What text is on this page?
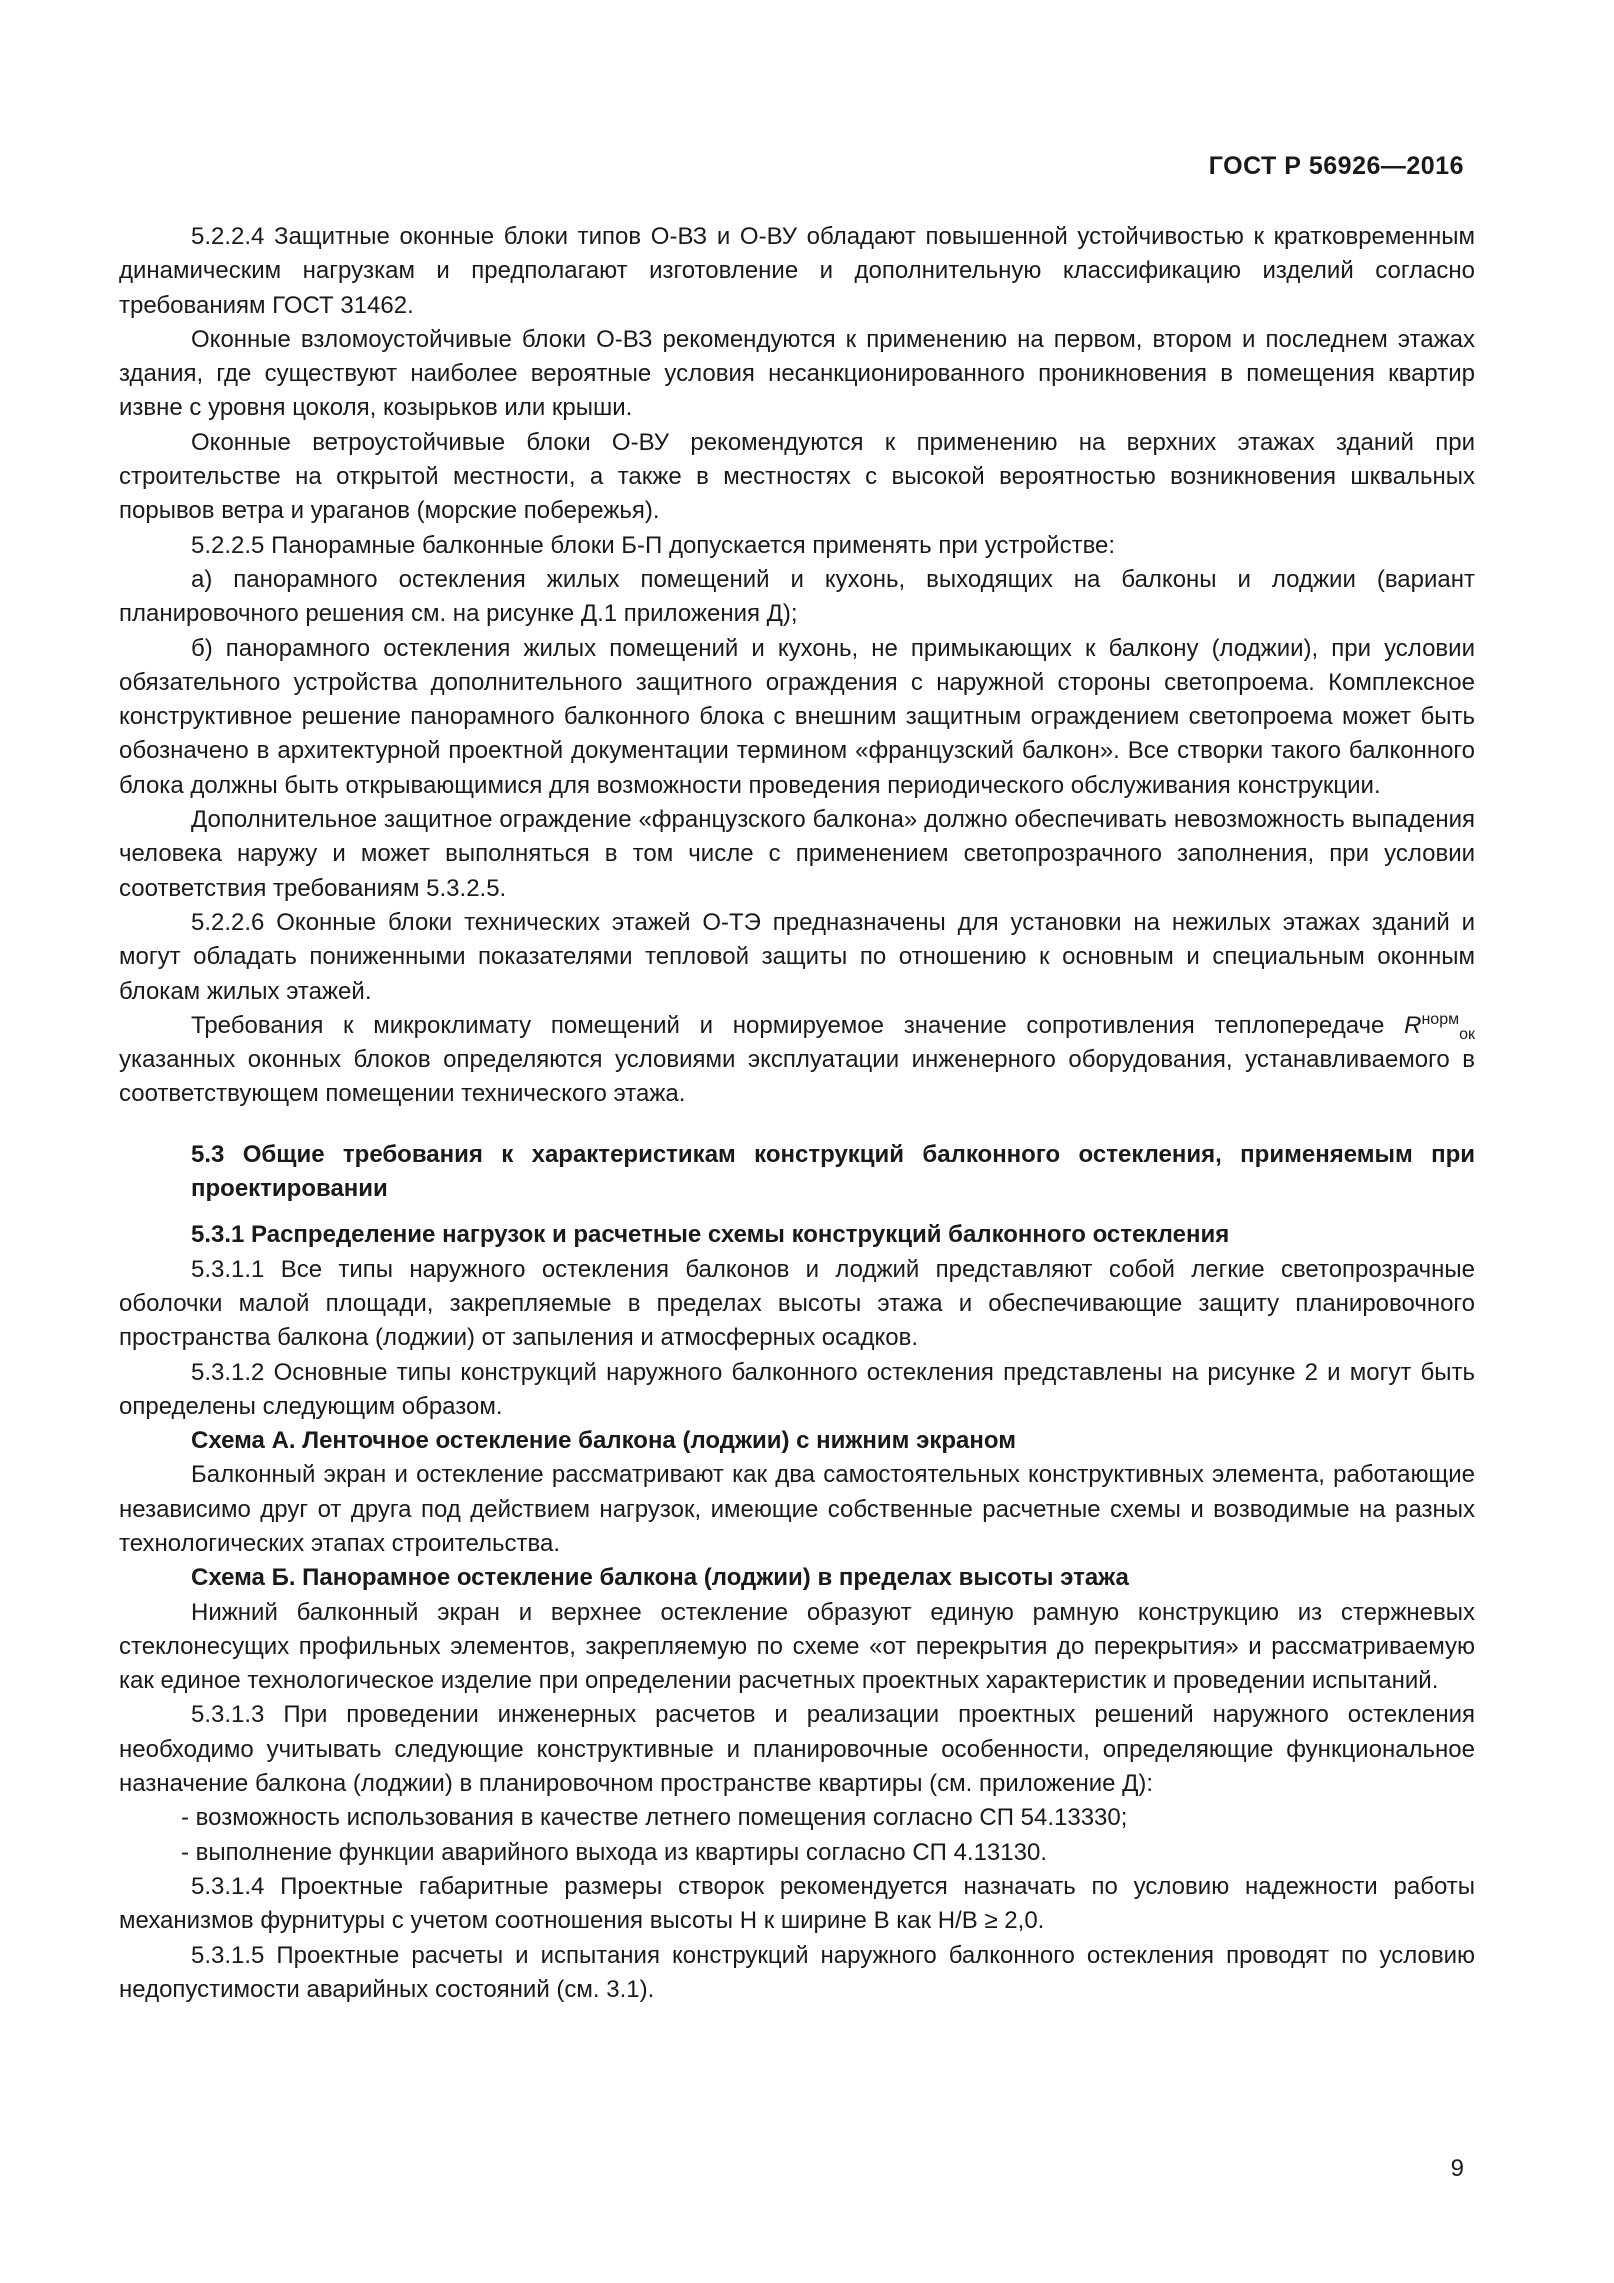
ГОСТ Р 56926—2016

5.2.2.4 Защитные оконные блоки типов О-ВЗ и О-ВУ обладают повышенной устойчивостью к кратковременным динамическим нагрузкам и предполагают изготовление и дополнительную классификацию изделий согласно требованиям ГОСТ 31462.

Оконные взломоустойчивые блоки О-ВЗ рекомендуются к применению на первом, втором и последнем этажах здания, где существуют наиболее вероятные условия несанкционированного проникновения в помещения квартир извне с уровня цоколя, козырьков или крыши.

Оконные ветроустойчивые блоки О-ВУ рекомендуются к применению на верхних этажах зданий при строительстве на открытой местности, а также в местностях с высокой вероятностью возникновения шквальных порывов ветра и ураганов (морские побережья).

5.2.2.5 Панорамные балконные блоки Б-П допускается применять при устройстве:

а) панорамного остекления жилых помещений и кухонь, выходящих на балконы и лоджии (вариант планировочного решения см. на рисунке Д.1 приложения Д);

б) панорамного остекления жилых помещений и кухонь, не примыкающих к балкону (лоджии), при условии обязательного устройства дополнительного защитного ограждения с наружной стороны светопроема. Комплексное конструктивное решение панорамного балконного блока с внешним защитным ограждением светопроема может быть обозначено в архитектурной проектной документации термином «французский балкон». Все створки такого балконного блока должны быть открывающимися для возможности проведения периодического обслуживания конструкции.

Дополнительное защитное ограждение «французского балкона» должно обеспечивать невозможность выпадения человека наружу и может выполняться в том числе с применением светопрозрачного заполнения, при условии соответствия требованиям 5.3.2.5.

5.2.2.6 Оконные блоки технических этажей О-ТЭ предназначены для установки на нежилых этажах зданий и могут обладать пониженными показателями тепловой защиты по отношению к основным и специальным оконным блокам жилых этажей.

Требования к микроклимату помещений и нормируемое значение сопротивления теплопередаче $R^{норм}_{ок}$ указанных оконных блоков определяются условиями эксплуатации инженерного оборудования, устанавливаемого в соответствующем помещении технического этажа.

5.3 Общие требования к характеристикам конструкций балконного остекления, применяемым при проектировании

5.3.1 Распределение нагрузок и расчетные схемы конструкций балконного остекления

5.3.1.1 Все типы наружного остекления балконов и лоджий представляют собой легкие светопрозрачные оболочки малой площади, закрепляемые в пределах высоты этажа и обеспечивающие защиту планировочного пространства балкона (лоджии) от запыления и атмосферных осадков.

5.3.1.2 Основные типы конструкций наружного балконного остекления представлены на рисунке 2 и могут быть определены следующим образом.

Схема А. Ленточное остекление балкона (лоджии) с нижним экраном

Балконный экран и остекление рассматривают как два самостоятельных конструктивных элемента, работающие независимо друг от друга под действием нагрузок, имеющие собственные расчетные схемы и возводимые на разных технологических этапах строительства.

Схема Б. Панорамное остекление балкона (лоджии) в пределах высоты этажа

Нижний балконный экран и верхнее остекление образуют единую рамную конструкцию из стержневых стеклонесущих профильных элементов, закрепляемую по схеме «от перекрытия до перекрытия» и рассматриваемую как единое технологическое изделие при определении расчетных проектных характеристик и проведении испытаний.

5.3.1.3 При проведении инженерных расчетов и реализации проектных решений наружного остекления необходимо учитывать следующие конструктивные и планировочные особенности, определяющие функциональное назначение балкона (лоджии) в планировочном пространстве квартиры (см. приложение Д):

- возможность использования в качестве летнего помещения согласно СП 54.13330;

- выполнение функции аварийного выхода из квартиры согласно СП 4.13130.

5.3.1.4 Проектные габаритные размеры створок рекомендуется назначать по условию надежности работы механизмов фурнитуры с учетом соотношения высоты H к ширине B как H/B ≥ 2,0.

5.3.1.5 Проектные расчеты и испытания конструкций наружного балконного остекления проводят по условию недопустимости аварийных состояний (см. 3.1).

9
